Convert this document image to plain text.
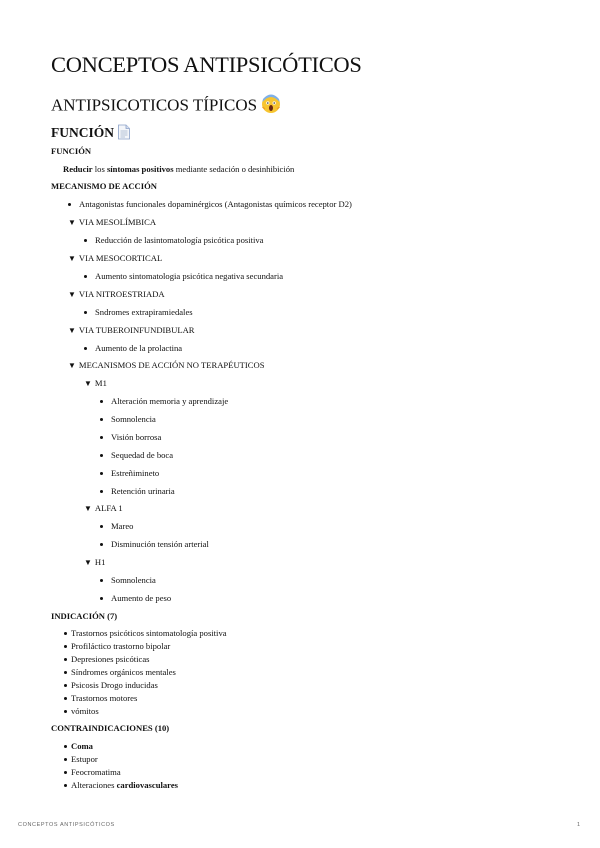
CONCEPTOS ANTIPSICÓTICOS
ANTIPSICOTICOS TÍPICOS
FUNCIÓN
FUNCIÓN
Reducir los síntomas positivos mediante sedación o desinhibición
MECANISMO DE ACCIÓN
Antagonistas funcionales dopaminérgicos (Antagonistas químicos receptor D2)
▼ VIA MESOLÍMBICA
Reducción de lasintomatología psicótica positiva
▼ VIA MESOCORTICAL
Aumento sintomatologia psicótica negativa secundaria
▼ VIA NITROESTRIADA
Sndromes extrapiramiedales
▼ VIA TUBEROINFUNDIBULAR
Aumento de la prolactina
▼ MECANISMOS DE ACCIÓN NO TERAPÉUTICOS
▼ M1
Alteración memoria y aprendizaje
Somnolencia
Visión borrosa
Sequedad de boca
Estreñimineto
Retención urinaria
▼ ALFA 1
Mareo
Disminución tensión arterial
▼ H1
Somnolencia
Aumento de peso
INDICACIÓN (7)
Trastornos psicóticos sintomatología positiva
Profiláctico trastorno bipolar
Depresiones psicóticas
Síndromes orgánicos mentales
Psicosis Drogo inducidas
Trastornos motores
vómitos
CONTRAINDICACIONES (10)
Coma
Estupor
Feocromatima
Alteraciones cardiovasculares
CONCEPTOS ANTIPSICÓTICOS	1
